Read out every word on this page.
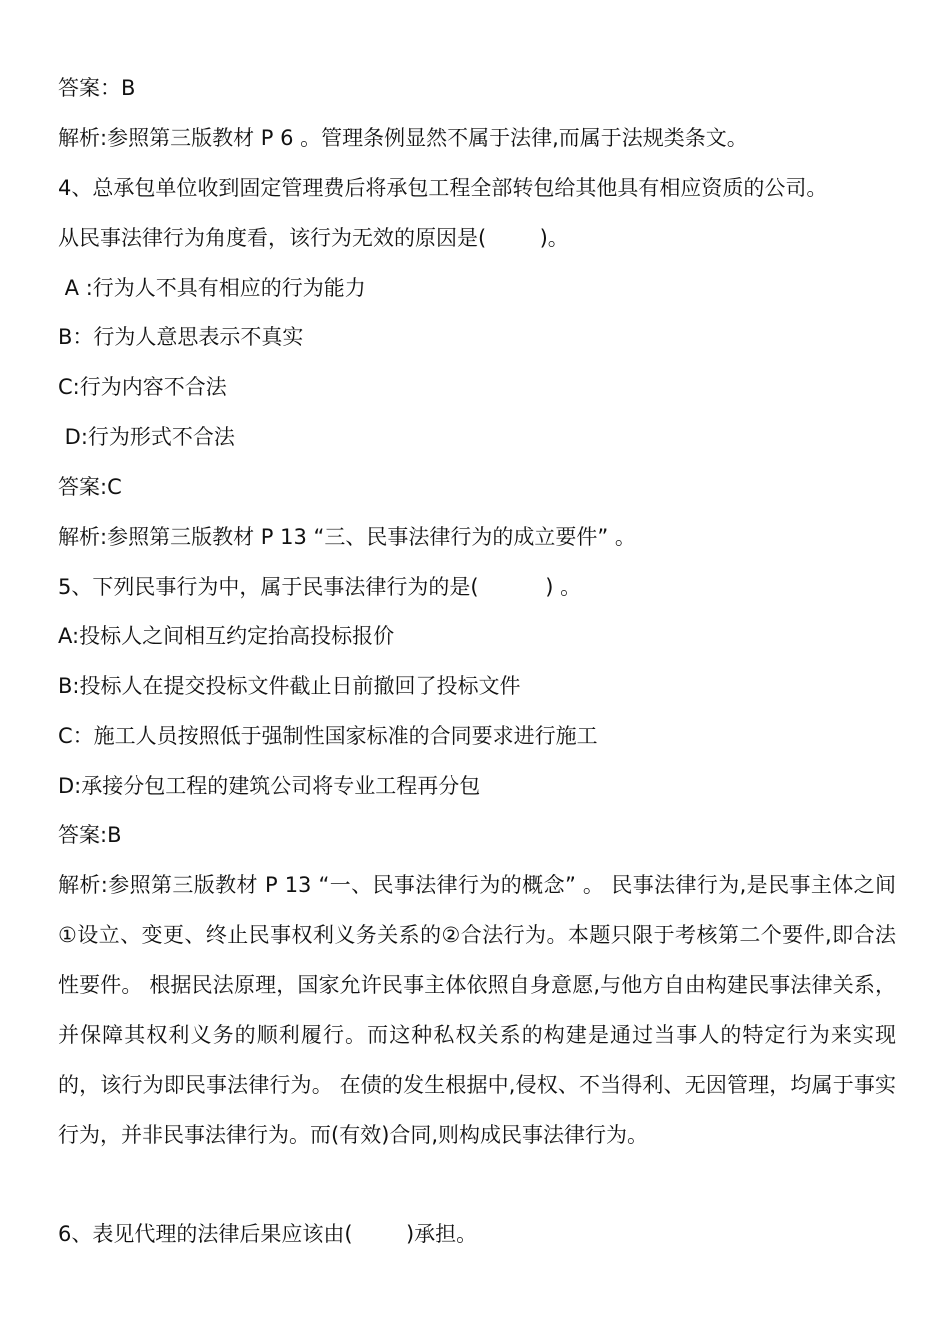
答案：B
解析:参照第三版教材 P 6 。管理条例显然不属于法律,而属于法规类条文。
4、总承包单位收到固定管理费后将承包工程全部转包给其他具有相应资质的公司。
从民事法律行为角度看，该行为无效的原因是(        )。
A :行为人不具有相应的行为能力
B：行为人意思表示不真实
C:行为内容不合法
D:行为形式不合法
答案:C
解析:参照第三版教材 P 13 “三、民事法律行为的成立要件” 。
5、下列民事行为中，属于民事法律行为的是(          ) 。
A:投标人之间相互约定抬高投标报价
B:投标人在提交投标文件截止日前撤回了投标文件
C：施工人员按照低于强制性国家标准的合同要求进行施工
D:承接分包工程的建筑公司将专业工程再分包
答案:B
解析:参照第三版教材 P 13 “一、民事法律行为的概念” 。 民事法律行为,是民事主体之间①设立、变更、终止民事权利义务关系的②合法行为。本题只限于考核第二个要件,即合法性要件。 根据民法原理，国家允许民事主体依照自身意愿,与他方自由构建民事法律关系，并保障其权利义务的顺利履行。而这种私权关系的构建是通过当事人的特定行为来实现的，该行为即民事法律行为。 在债的发生根据中,侵权、不当得利、无因管理，均属于事实行为，并非民事法律行为。而(有效)合同,则构成民事法律行为。
6、表见代理的法律后果应该由(        )承担。
